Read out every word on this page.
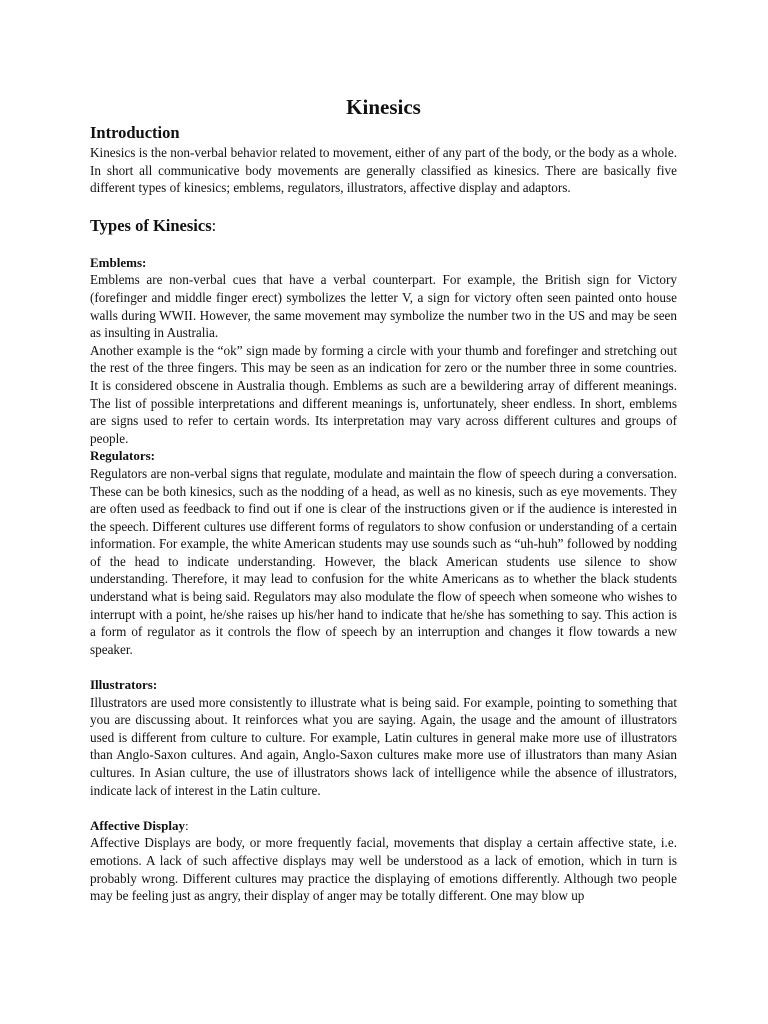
Kinesics
Introduction

Kinesics is the non-verbal behavior related to movement, either of any part of the body, or the body as a whole. In short all communicative body movements are generally classified as kinesics. There are basically five different types of kinesics; emblems, regulators, illustrators, affective display and adaptors.

Types of Kinesics:
Emblems:

Emblems are non-verbal cues that have a verbal counterpart. For example, the British sign for Victory (forefinger and middle finger erect) symbolizes the letter V, a sign for victory often seen painted onto house walls during WWII. However, the same movement may symbolize the number two in the US and may be seen as insulting in Australia.

Another example is the “ok” sign made by forming a circle with your thumb and forefinger and stretching out the rest of the three fingers. This may be seen as an indication for zero or the number three in some countries. It is considered obscene in Australia though. Emblems as such are a bewildering array of different meanings. The list of possible interpretations and different meanings is, unfortunately, sheer endless. In short, emblems are signs used to refer to certain words. Its interpretation may vary across different cultures and groups of people.

Regulators:

Regulators are non-verbal signs that regulate, modulate and maintain the flow of speech during a conversation. These can be both kinesics, such as the nodding of a head, as well as no kinesis, such as eye movements. They are often used as feedback to find out if one is clear of the instructions given or if the audience is interested in the speech. Different cultures use different forms of regulators to show confusion or understanding of a certain information. For example, the white American students may use sounds such as “uh-huh” followed by nodding of the head to indicate understanding. However, the black American students use silence to show understanding. Therefore, it may lead to confusion for the white Americans as to whether the black students understand what is being said. Regulators may also modulate the flow of speech when someone who wishes to interrupt with a point, he/she raises up his/her hand to indicate that he/she has something to say. This action is a form of regulator as it controls the flow of speech by an interruption and changes it flow towards a new speaker.

Illustrators:

Illustrators are used more consistently to illustrate what is being said. For example, pointing to something that you are discussing about. It reinforces what you are saying. Again, the usage and the amount of illustrators used is different from culture to culture. For example, Latin cultures in general make more use of illustrators than Anglo-Saxon cultures. And again, Anglo-Saxon cultures make more use of illustrators than many Asian cultures. In Asian culture, the use of illustrators shows lack of intelligence while the absence of illustrators, indicate lack of interest in the Latin culture.

Affective Display:

Affective Displays are body, or more frequently facial, movements that display a certain affective state, i.e. emotions. A lack of such affective displays may well be understood as a lack of emotion, which in turn is probably wrong. Different cultures may practice the displaying of emotions differently. Although two people may be feeling just as angry, their display of anger may be totally different. One may blow up
